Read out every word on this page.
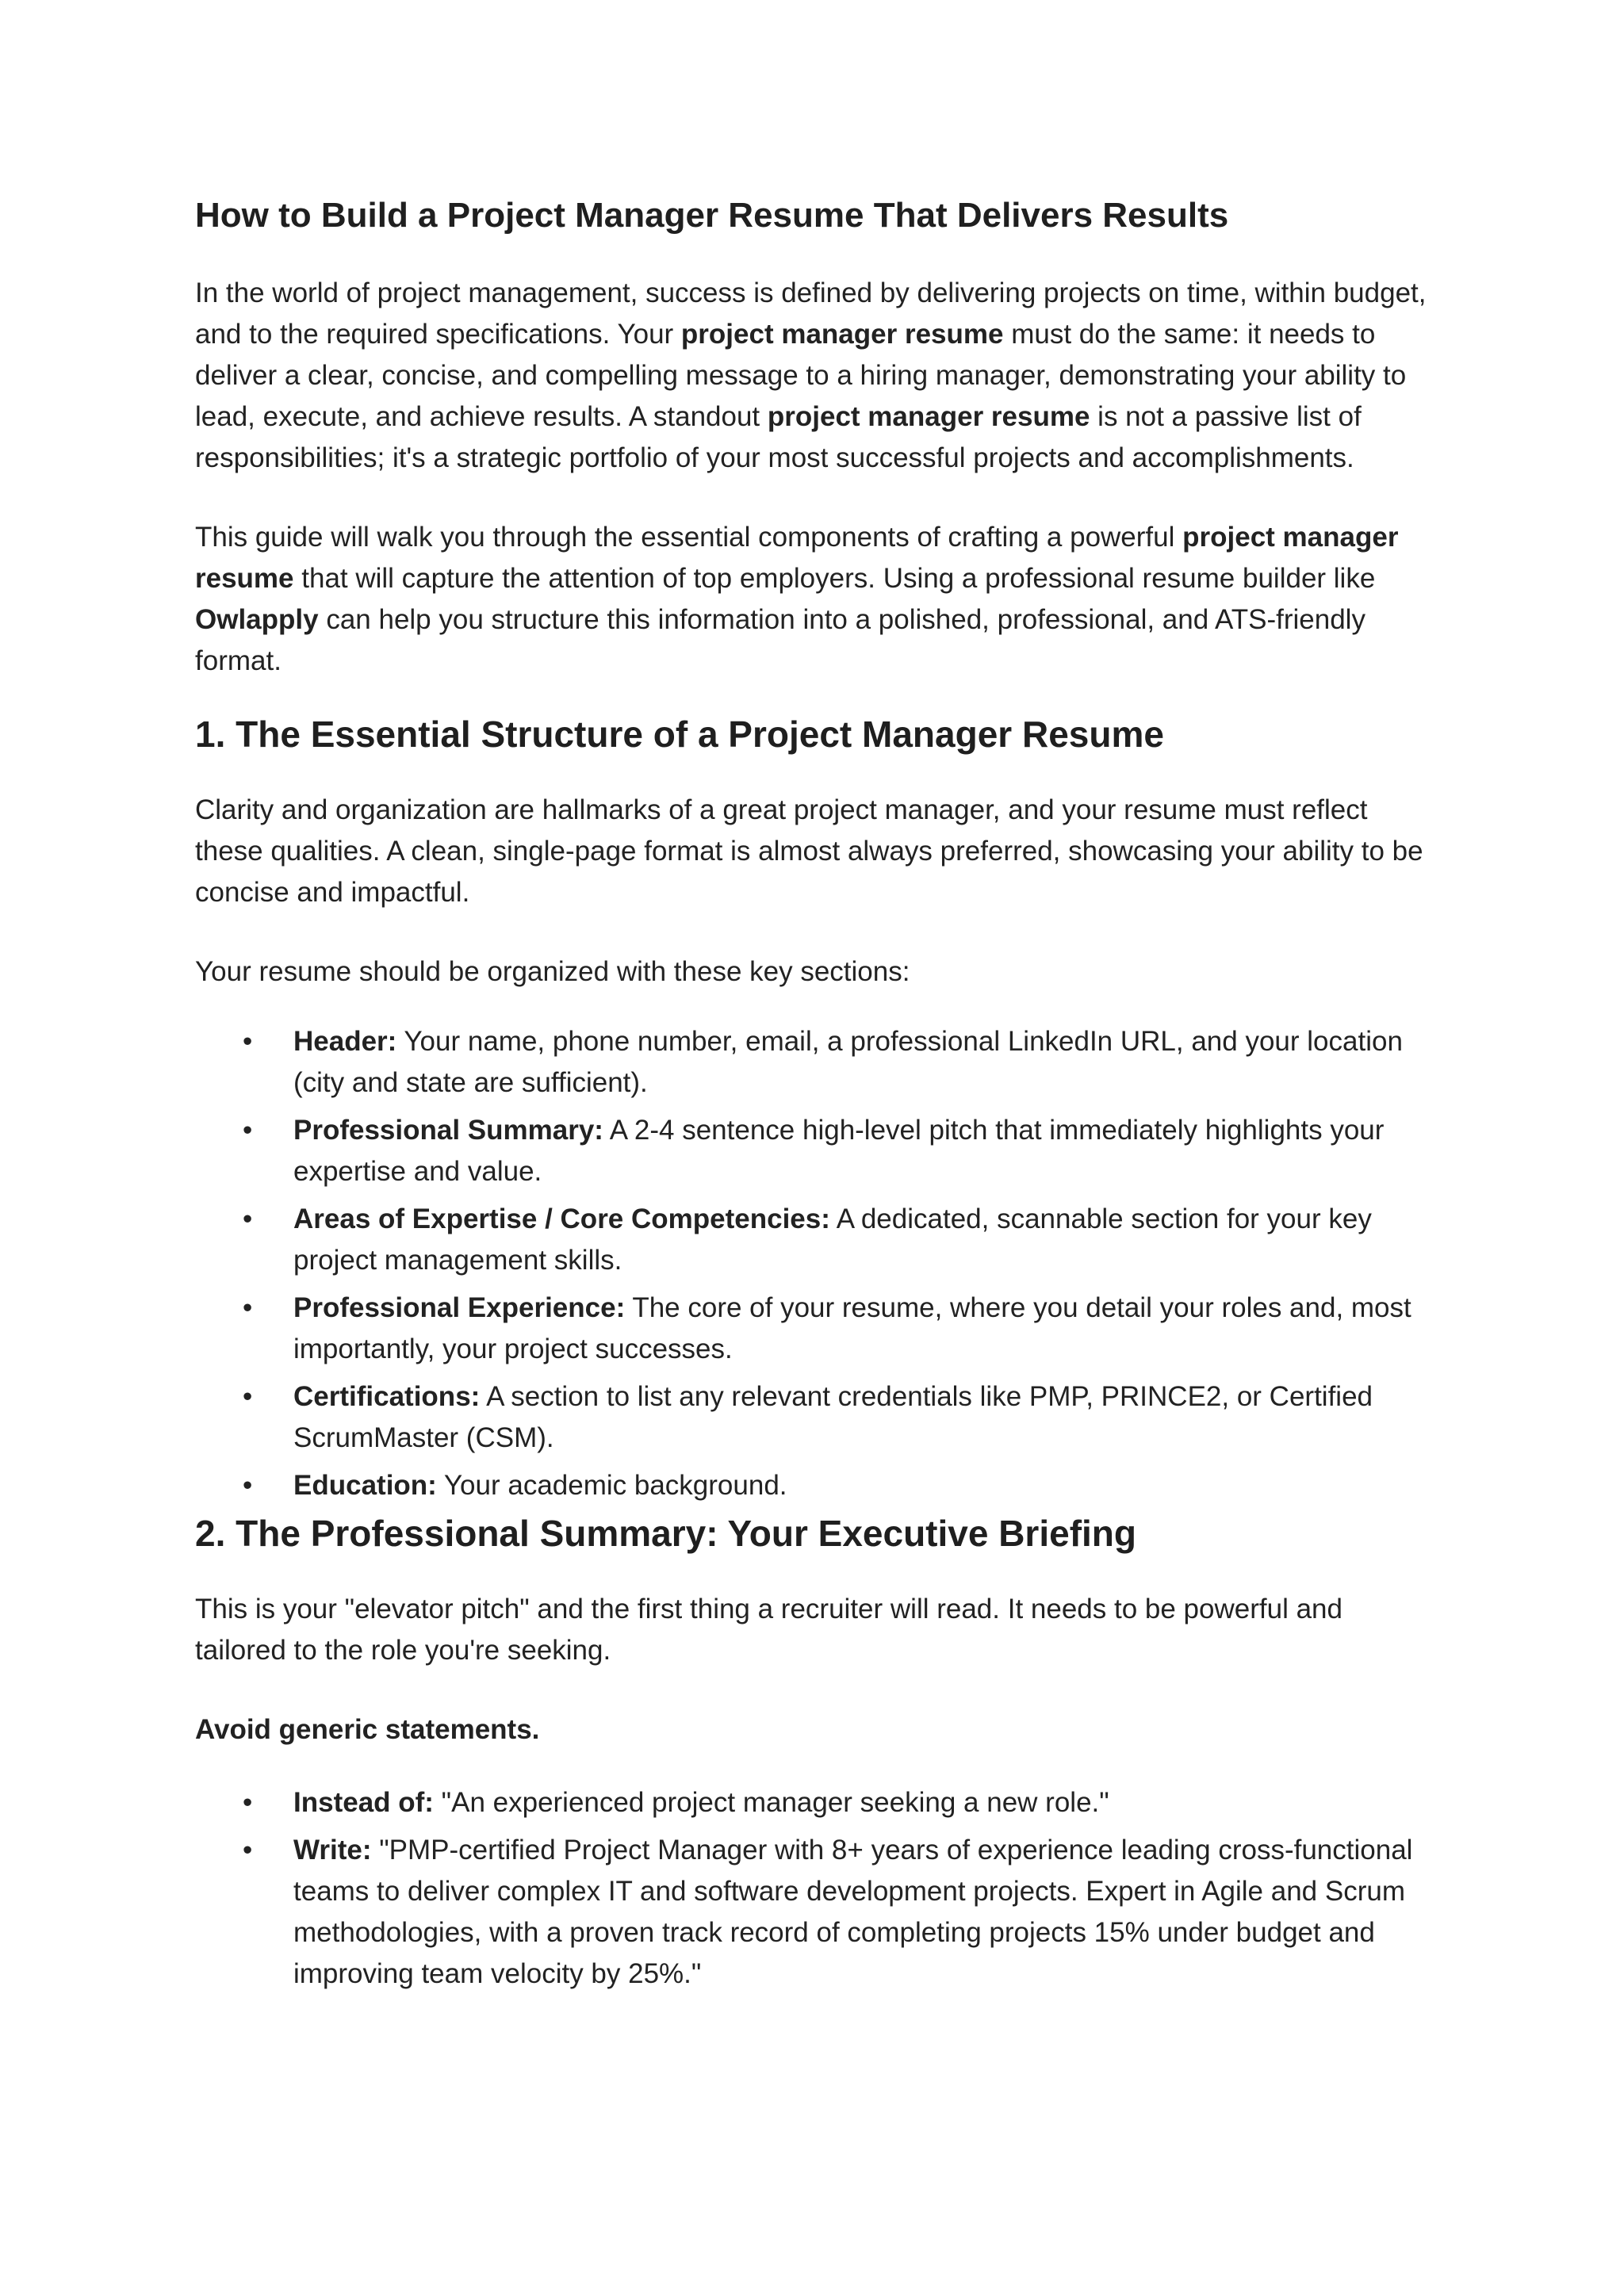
How to Build a Project Manager Resume That Delivers Results

In the world of project management, success is defined by delivering projects on time, within budget, and to the required specifications. Your project manager resume must do the same: it needs to deliver a clear, concise, and compelling message to a hiring manager, demonstrating your ability to lead, execute, and achieve results. A standout project manager resume is not a passive list of responsibilities; it's a strategic portfolio of your most successful projects and accomplishments.

This guide will walk you through the essential components of crafting a powerful project manager resume that will capture the attention of top employers. Using a professional resume builder like Owlapply can help you structure this information into a polished, professional, and ATS-friendly format.

1. The Essential Structure of a Project Manager Resume

Clarity and organization are hallmarks of a great project manager, and your resume must reflect these qualities. A clean, single-page format is almost always preferred, showcasing your ability to be concise and impactful.

Your resume should be organized with these key sections:

• Header: Your name, phone number, email, a professional LinkedIn URL, and your location (city and state are sufficient).
• Professional Summary: A 2-4 sentence high-level pitch that immediately highlights your expertise and value.
• Areas of Expertise / Core Competencies: A dedicated, scannable section for your key project management skills.
• Professional Experience: The core of your resume, where you detail your roles and, most importantly, your project successes.
• Certifications: A section to list any relevant credentials like PMP, PRINCE2, or Certified ScrumMaster (CSM).
• Education: Your academic background.
2. The Professional Summary: Your Executive Briefing

This is your "elevator pitch" and the first thing a recruiter will read. It needs to be powerful and tailored to the role you're seeking.

Avoid generic statements.

• Instead of: "An experienced project manager seeking a new role."
• Write: "PMP-certified Project Manager with 8+ years of experience leading cross-functional teams to deliver complex IT and software development projects. Expert in Agile and Scrum methodologies, with a proven track record of completing projects 15% under budget and improving team velocity by 25%."
